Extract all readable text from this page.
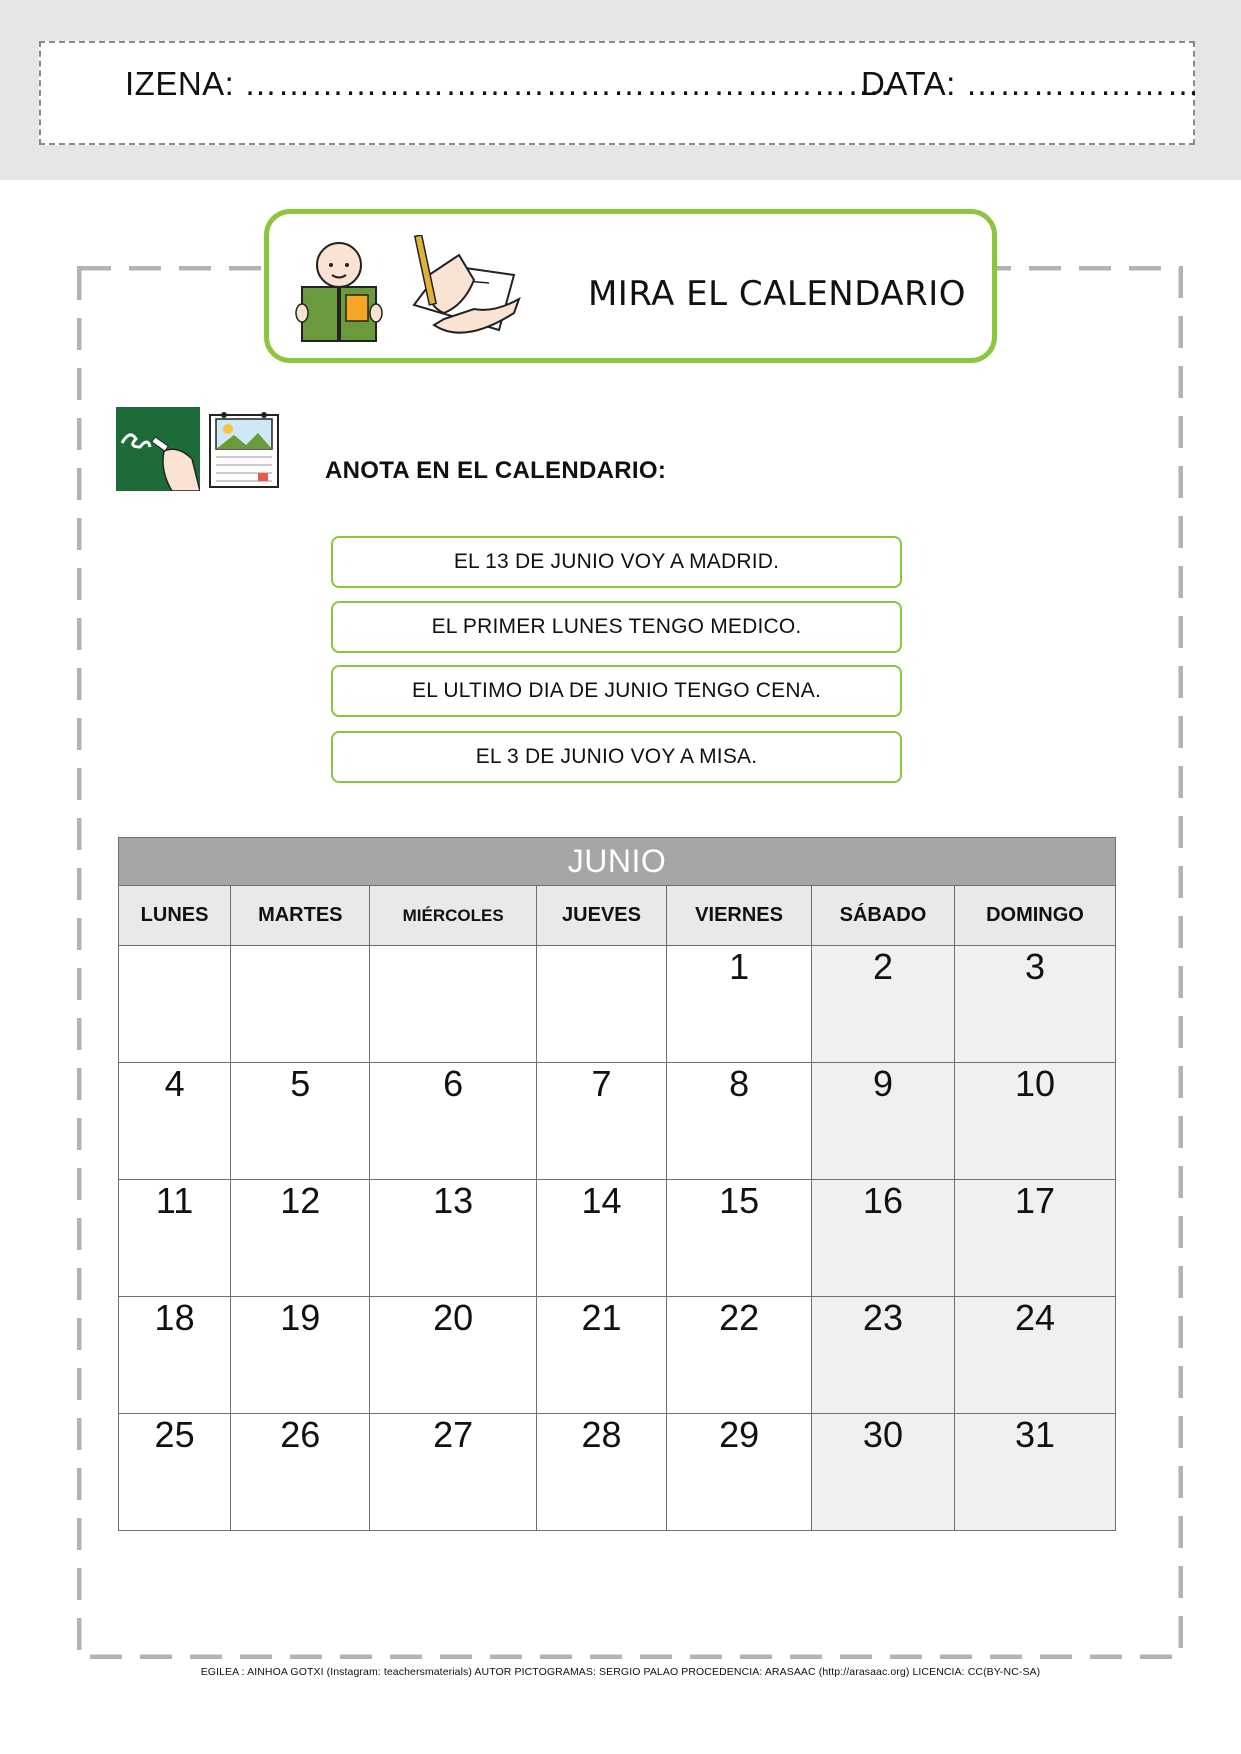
IZENA: ………………………………………………….
DATA: …………………
MIRA EL CALENDARIO
ANOTA EN EL CALENDARIO:
EL 13 DE JUNIO VOY A MADRID.
EL PRIMER LUNES TENGO MEDICO.
EL ULTIMO DIA DE JUNIO TENGO CENA.
EL 3 DE JUNIO VOY A MISA.
JUNIO						
LUNES	MARTES	MIÉRCOLES	JUEVES	VIERNES	SÁBADO	DOMINGO
				1	2	3
4	5	6	7	8	9	10
11	12	13	14	15	16	17
18	19	20	21	22	23	24
25	26	27	28	29	30	31
EGILEA : AINHOA GOTXI (Instagram: teachersmaterials) AUTOR PICTOGRAMAS: SERGIO PALAO PROCEDENCIA: ARASAAC (http://arasaac.org) LICENCIA: CC(BY-NC-SA)
